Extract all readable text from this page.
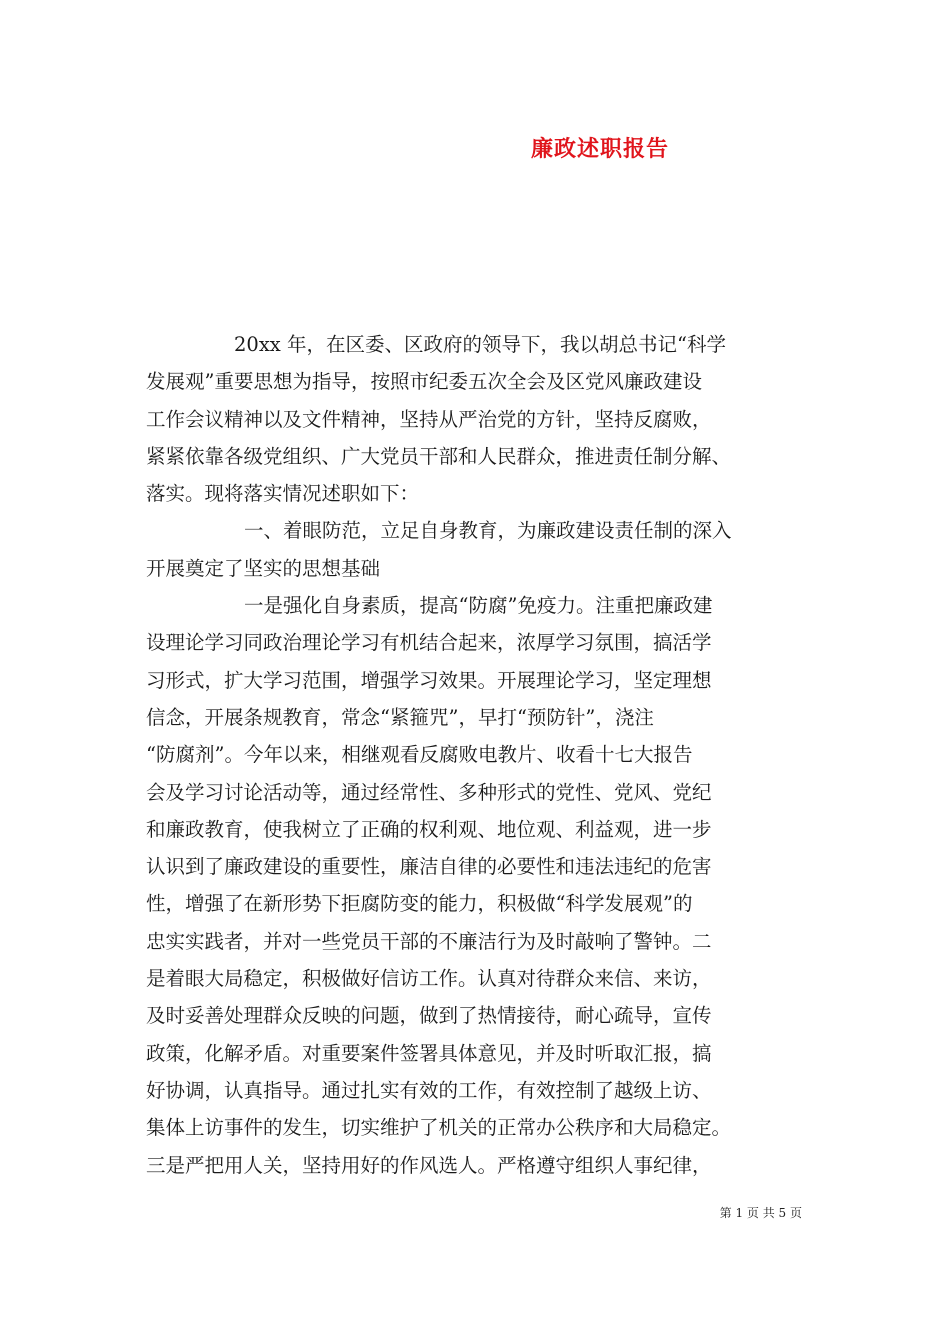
廉政述职报告
20xx 年，在区委、区政府的领导下，我以胡总书记“科学
发展观”重要思想为指导，按照市纪委五次全会及区党风廉政建设
工作会议精神以及文件精神，坚持从严治党的方针，坚持反腐败，
紧紧依靠各级党组织、广大党员干部和人民群众，推进责任制分解、
落实。现将落实情况述职如下：
一、着眼防范，立足自身教育，为廉政建设责任制的深入
开展奠定了坚实的思想基础
一是强化自身素质，提高“防腐”免疫力。注重把廉政建
设理论学习同政治理论学习有机结合起来，浓厚学习氛围，搞活学
习形式，扩大学习范围，增强学习效果。开展理论学习，坚定理想
信念，开展条规教育，常念“紧箍咒”，早打“预防针”，浇注
“防腐剂”。今年以来，相继观看反腐败电教片、收看十七大报告
会及学习讨论活动等，通过经常性、多种形式的党性、党风、党纪
和廉政教育，使我树立了正确的权利观、地位观、利益观，进一步
认识到了廉政建设的重要性，廉洁自律的必要性和违法违纪的危害
性，增强了在新形势下拒腐防变的能力，积极做“科学发展观”的
忠实实践者，并对一些党员干部的不廉洁行为及时敲响了警钟。二
是着眼大局稳定，积极做好信访工作。认真对待群众来信、来访，
及时妥善处理群众反映的问题，做到了热情接待，耐心疏导，宣传
政策，化解矛盾。对重要案件签署具体意见，并及时听取汇报，搞
好协调，认真指导。通过扎实有效的工作，有效控制了越级上访、
集体上访事件的发生，切实维护了机关的正常办公秩序和大局稳定。
三是严把用人关，坚持用好的作风选人。严格遵守组织人事纪律，
第 1 页 共 5 页
